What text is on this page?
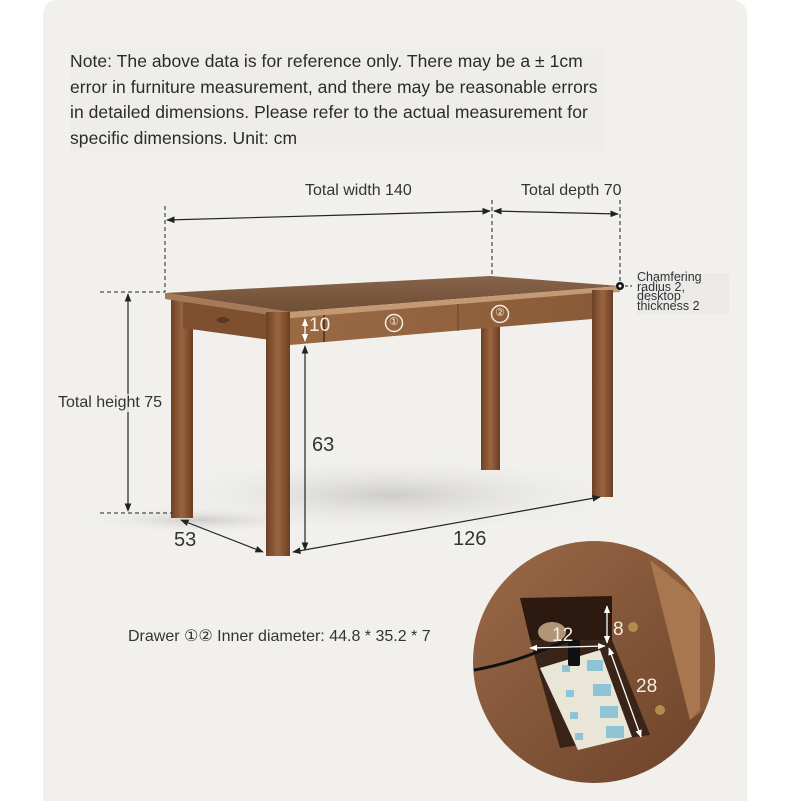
Note: The above data is for reference only. There may be a ± 1cm error in furniture measurement, and there may be reasonable errors in detailed dimensions. Please refer to the actual measurement for specific dimensions. Unit: cm
Total width 140	Total depth 70
Chamfering radius 2, desktop thickness 2
Total height 75
10	①
②
63
53	126
Drawer ①② Inner diameter: 44.8 * 35.2 * 7	12 8
28
